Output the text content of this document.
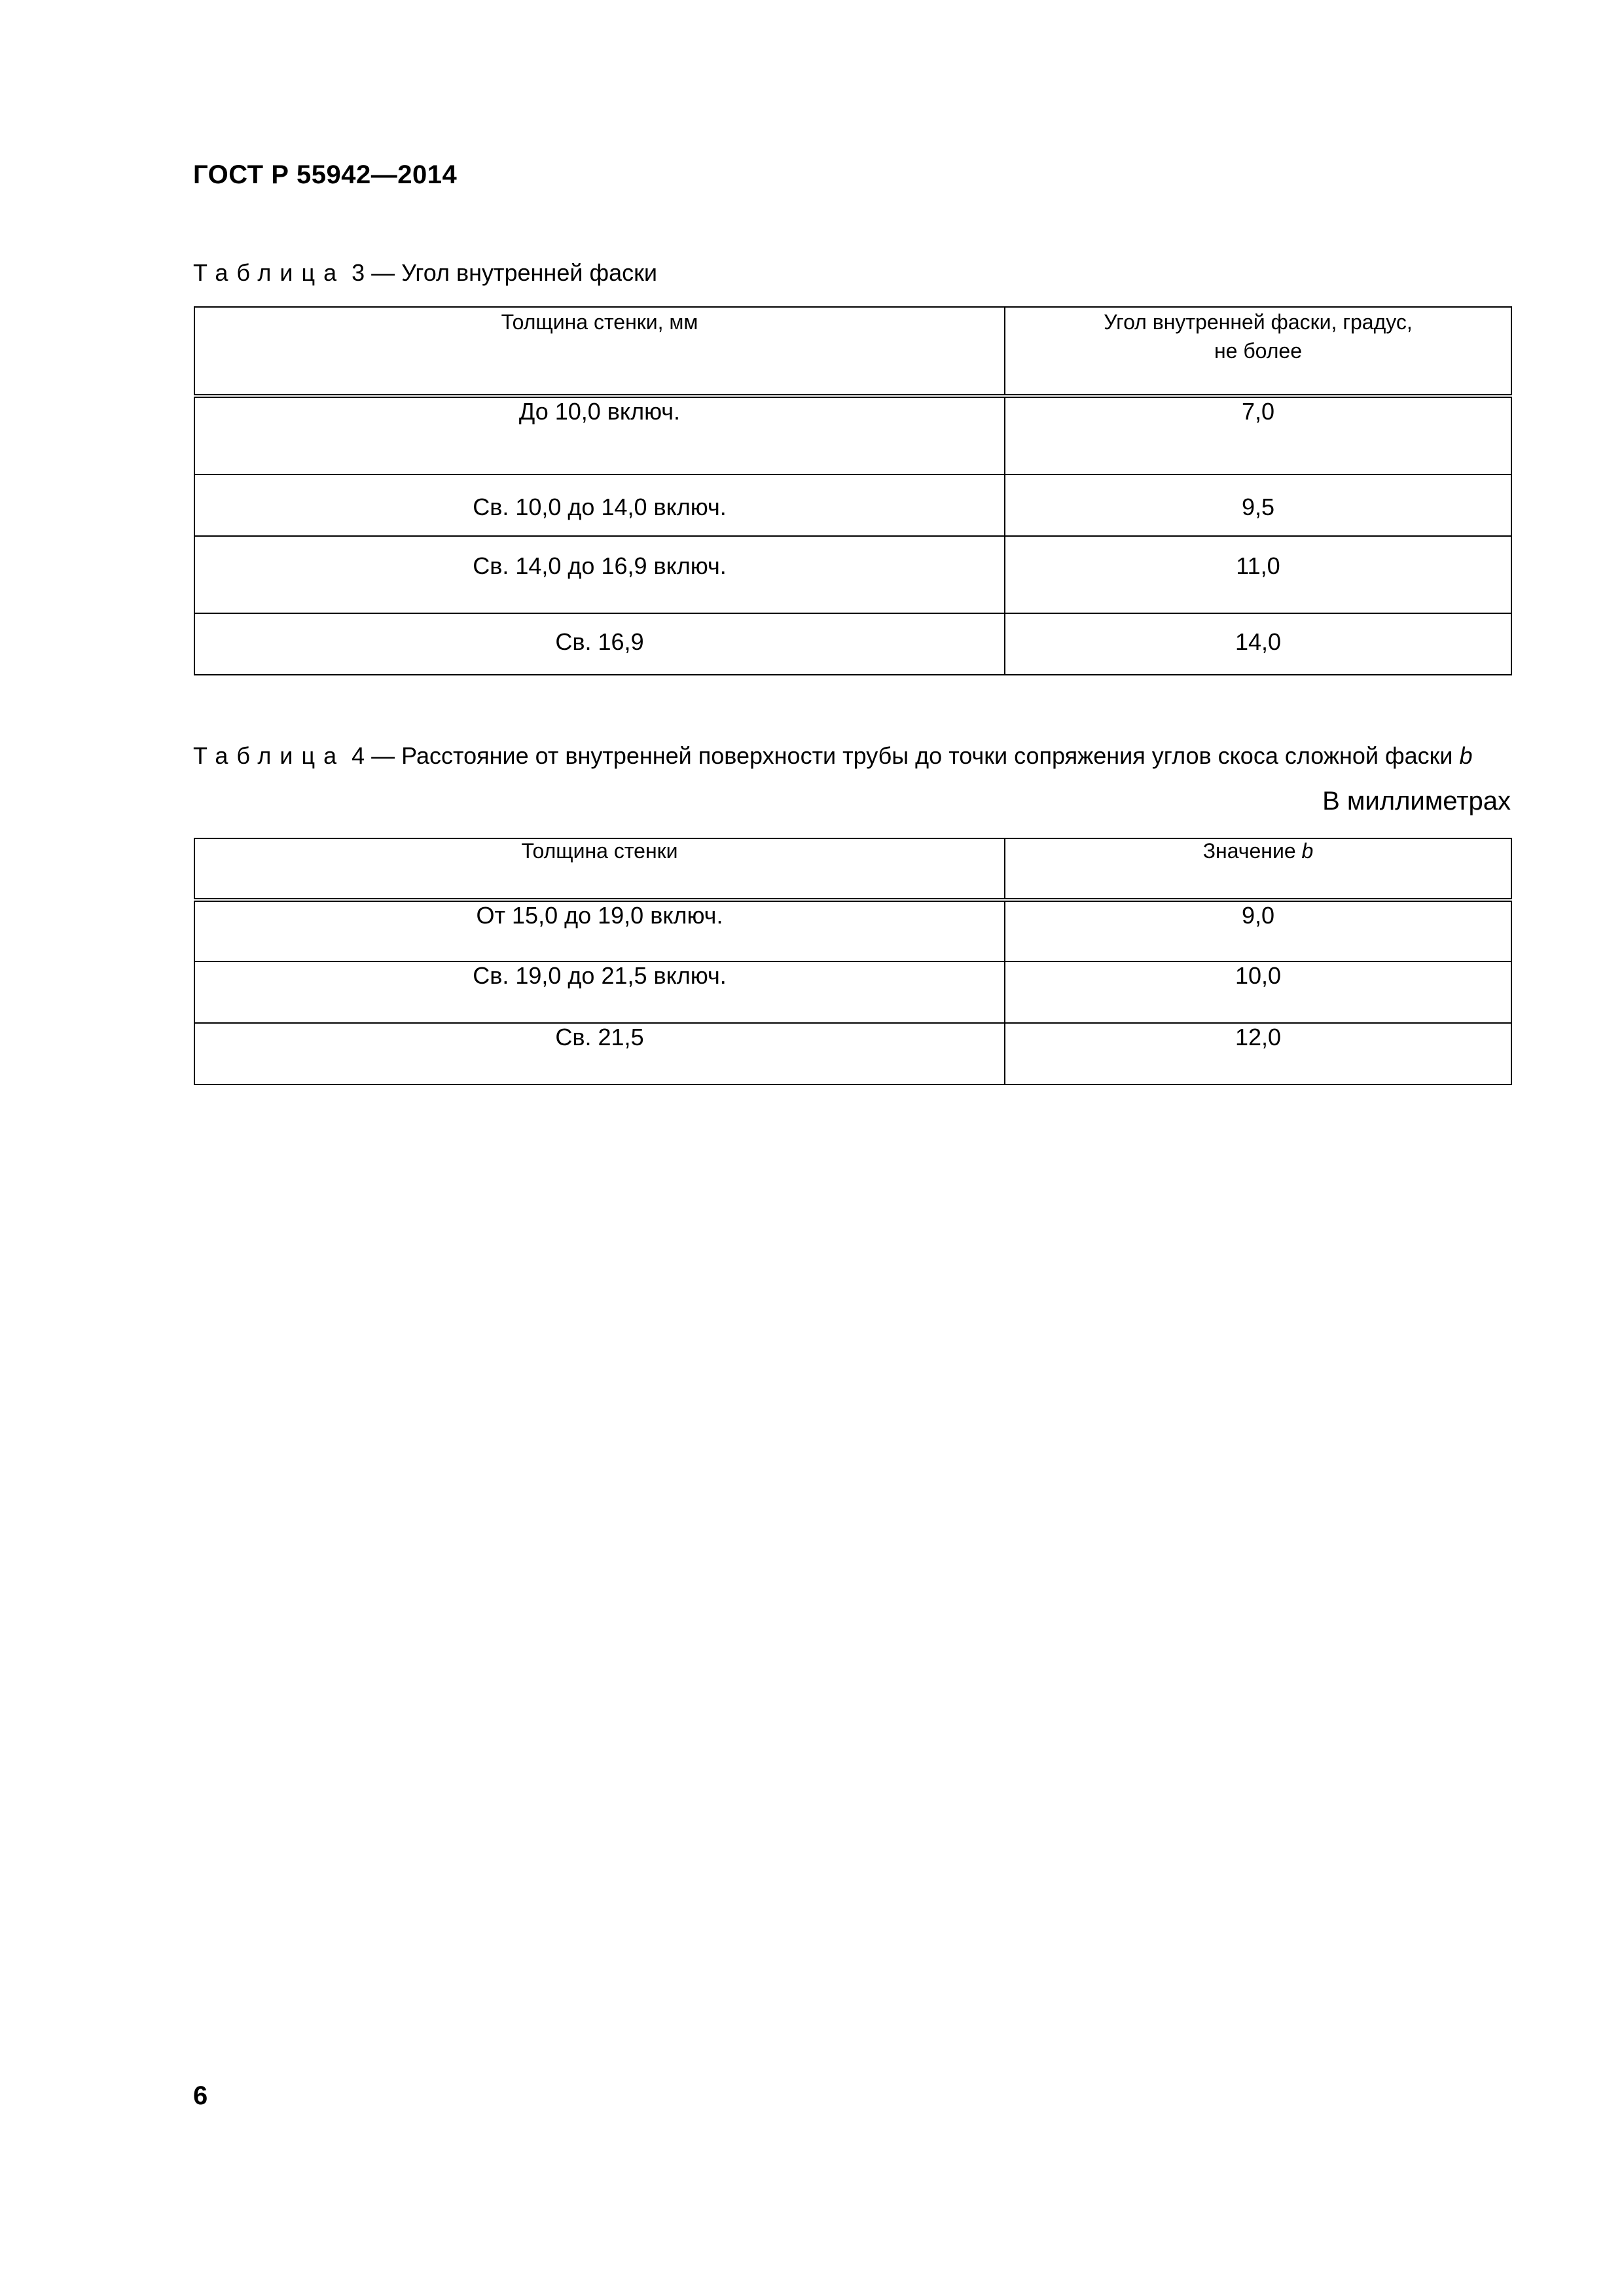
ГОСТ Р 55942—2014
Таблица 3 — Угол внутренней фаски
Толщина стенки, мм	Угол внутренней фаски, градус,
не более
До 10,0 включ.	7,0
Св. 10,0 до 14,0 включ.	9,5
Св. 14,0 до 16,9 включ.	11,0
Св. 16,9	14,0
Таблица 4 — Расстояние от внутренней поверхности трубы до точки сопряжения углов скоса сложной фаски b
В миллиметрах
Толщина стенки	Значение b
От 15,0 до 19,0 включ.	9,0
Св. 19,0 до 21,5 включ.	10,0
Св. 21,5	12,0
6
